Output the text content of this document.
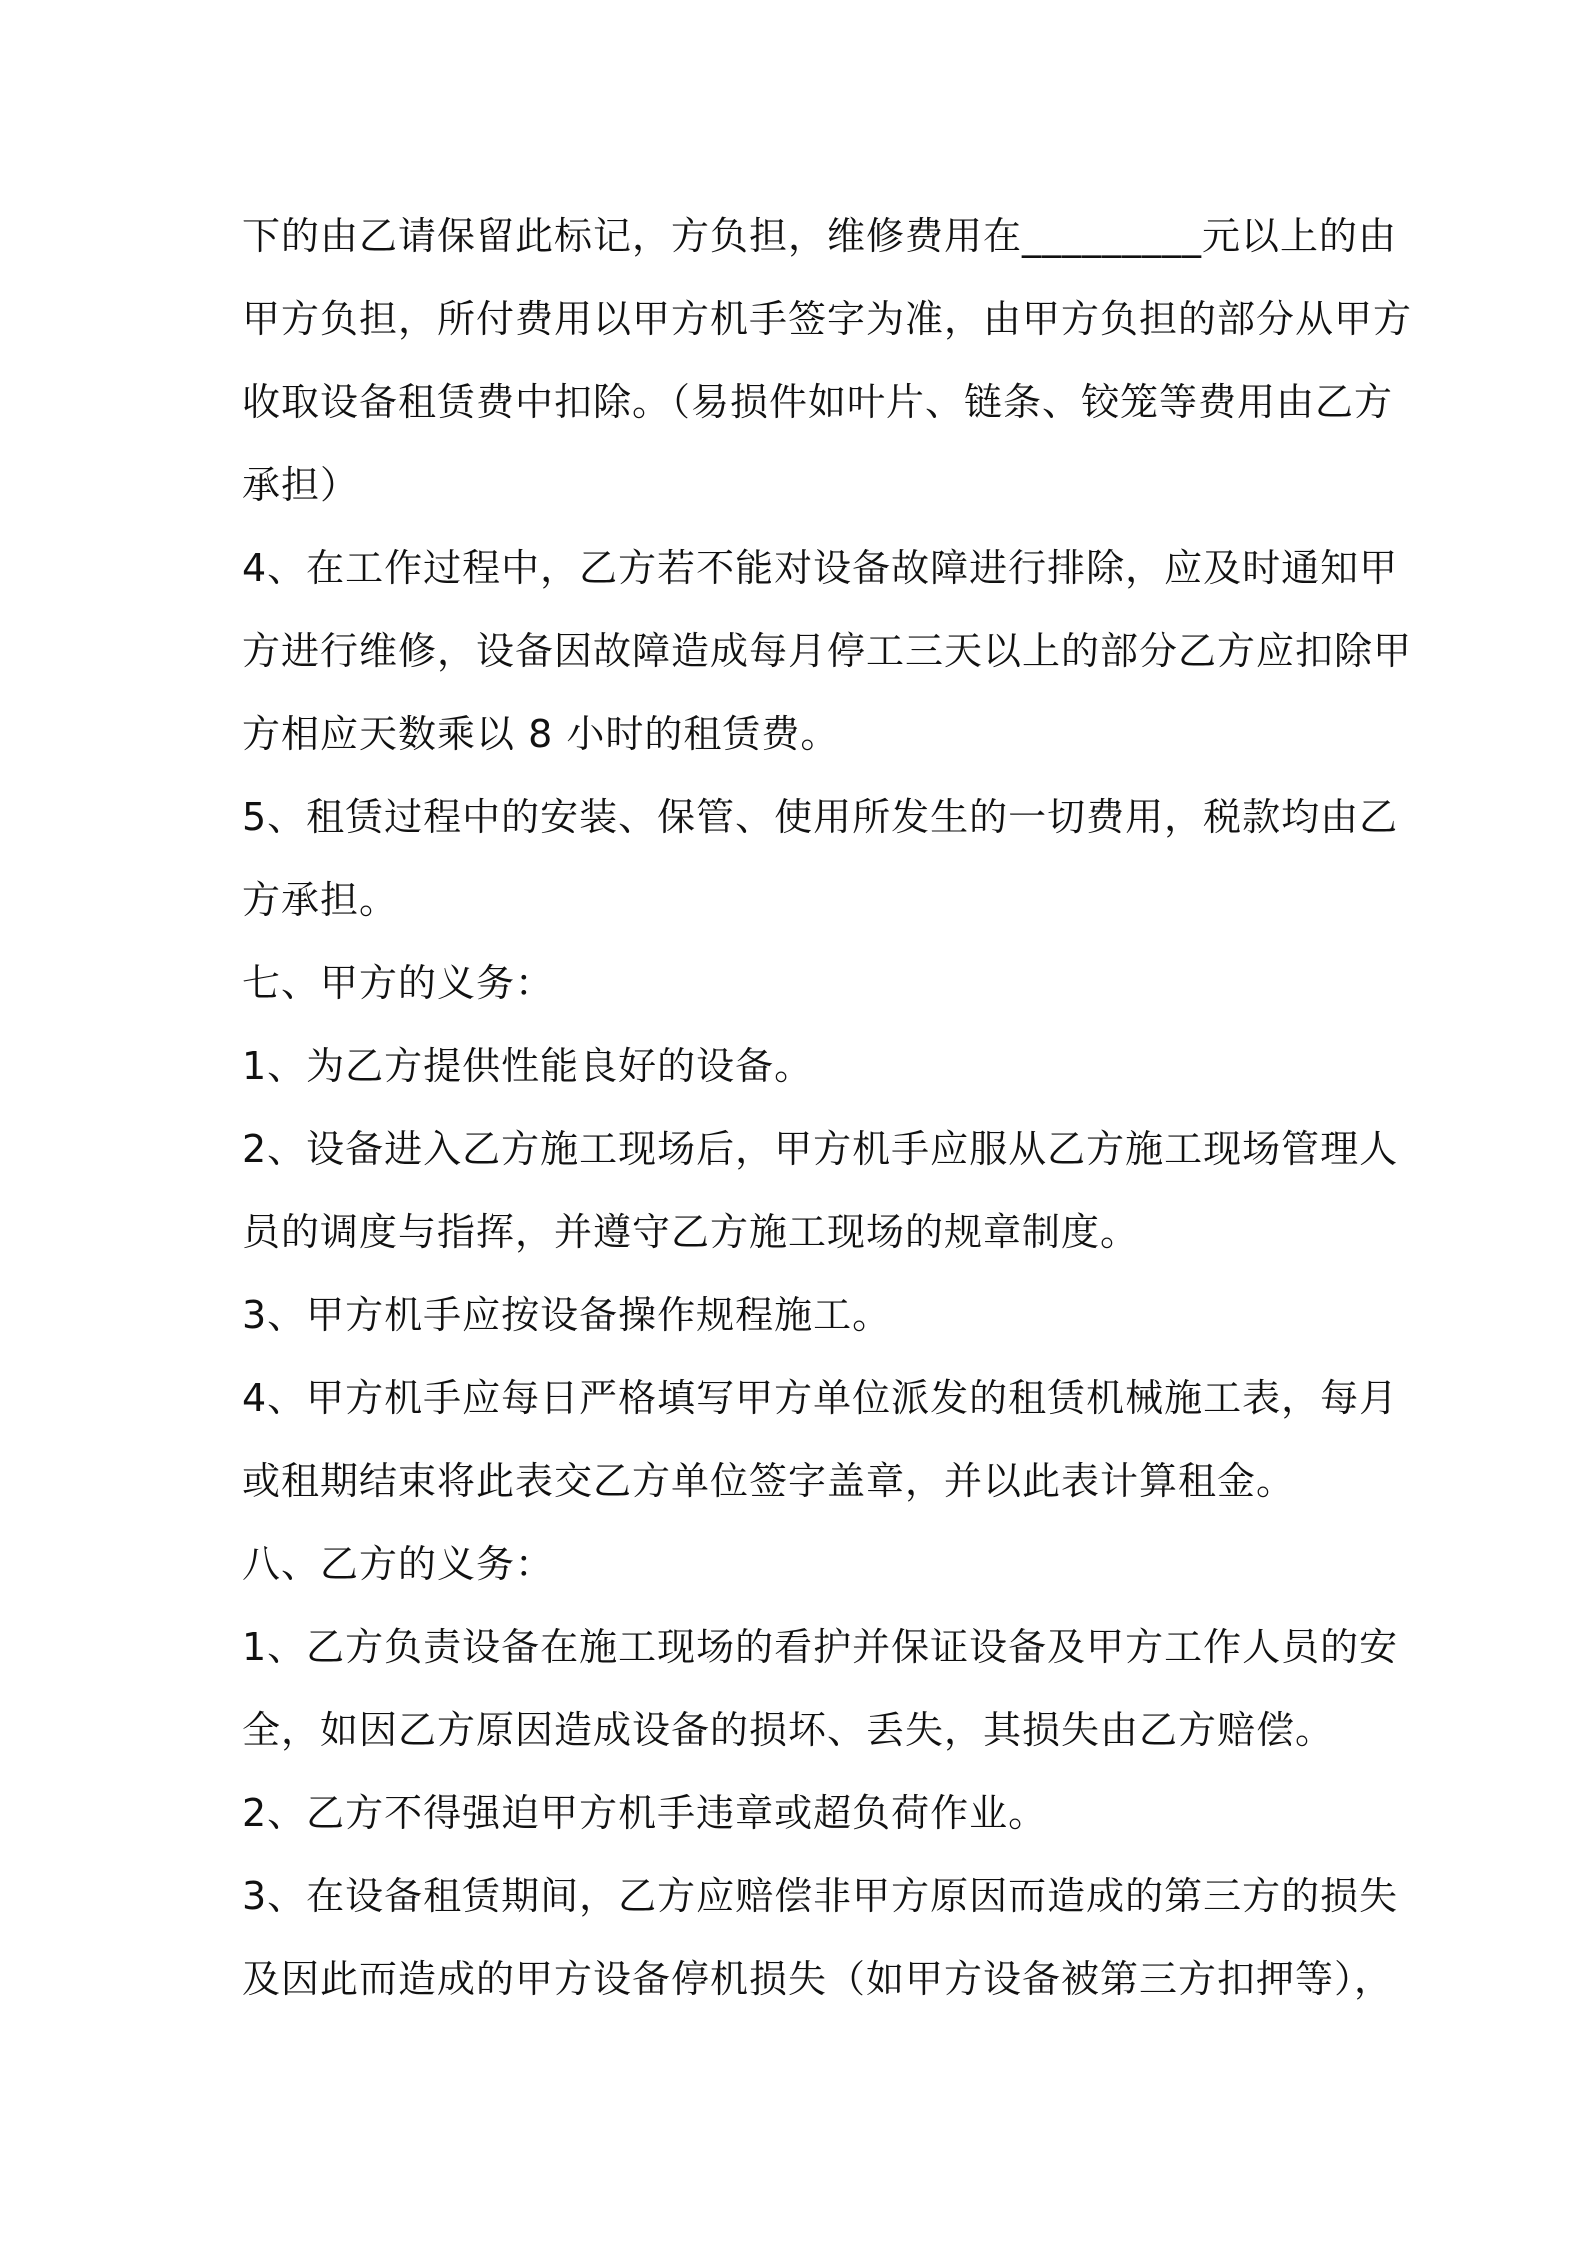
下的由乙请保留此标记，方负担，维修费用在_________元以上的由
甲方负担，所付费用以甲方机手签字为准，由甲方负担的部分从甲方
收取设备租赁费中扣除。（易损件如叶片、链条、铰笼等费用由乙方
承担）
4、在工作过程中，乙方若不能对设备故障进行排除，应及时通知甲
方进行维修，设备因故障造成每月停工三天以上的部分乙方应扣除甲
方相应天数乘以 8 小时的租赁费。
5、租赁过程中的安装、保管、使用所发生的一切费用，税款均由乙
方承担。
七、甲方的义务：
1、为乙方提供性能良好的设备。
2、设备进入乙方施工现场后，甲方机手应服从乙方施工现场管理人
员的调度与指挥，并遵守乙方施工现场的规章制度。
3、甲方机手应按设备操作规程施工。
4、甲方机手应每日严格填写甲方单位派发的租赁机械施工表，每月
或租期结束将此表交乙方单位签字盖章，并以此表计算租金。
八、乙方的义务：
1、乙方负责设备在施工现场的看护并保证设备及甲方工作人员的安
全，如因乙方原因造成设备的损坏、丢失，其损失由乙方赔偿。
2、乙方不得强迫甲方机手违章或超负荷作业。
3、在设备租赁期间，乙方应赔偿非甲方原因而造成的第三方的损失
及因此而造成的甲方设备停机损失（如甲方设备被第三方扣押等），
